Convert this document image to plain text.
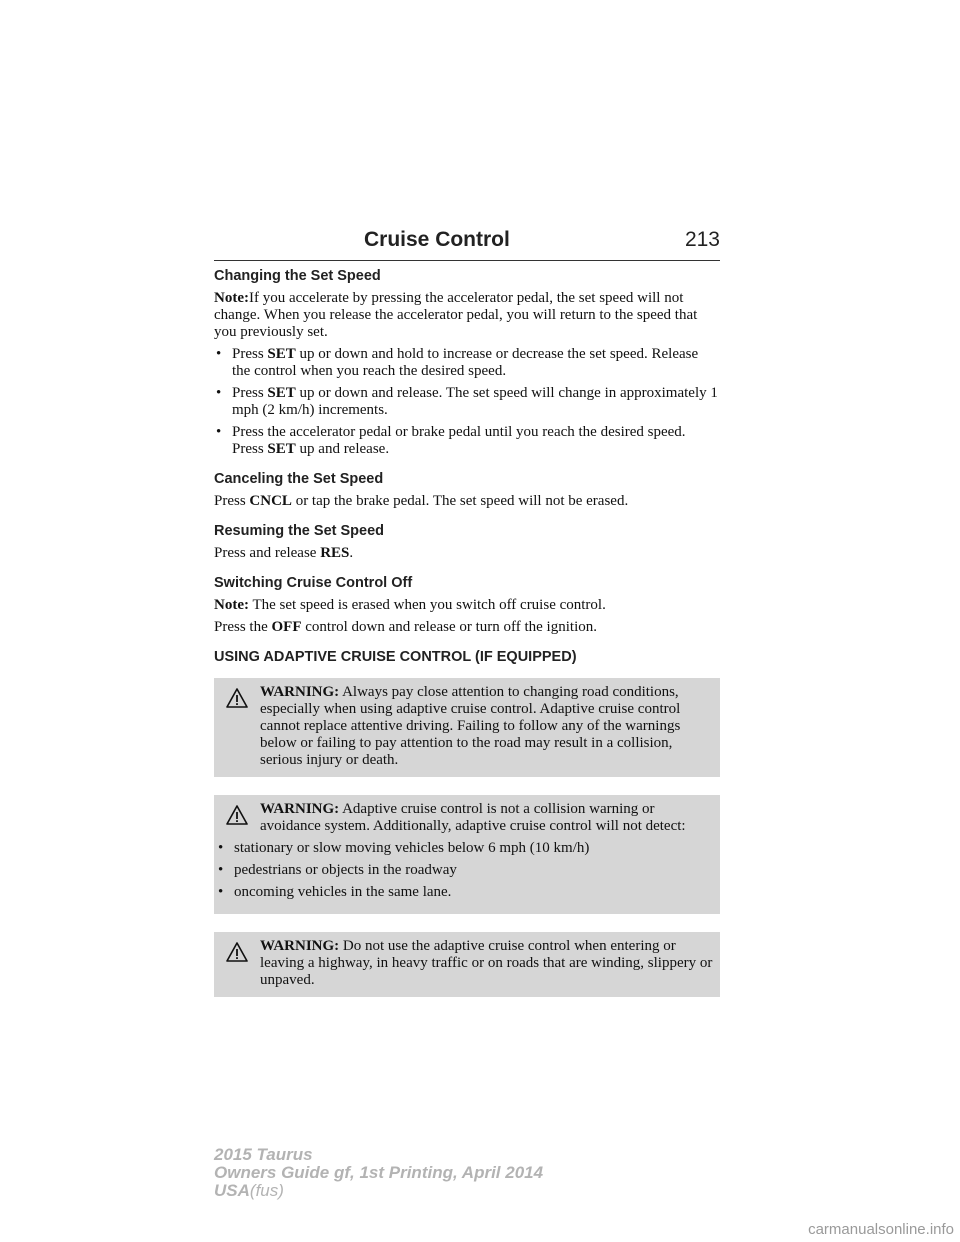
Cruise Control	213
Changing the Set Speed

Note:If you accelerate by pressing the accelerator pedal, the set speed will not change. When you release the accelerator pedal, you will return to the speed that you previously set.

• Press SET up or down and hold to increase or decrease the set speed. Release the control when you reach the desired speed.
• Press SET up or down and release. The set speed will change in approximately 1 mph (2 km/h) increments.
• Press the accelerator pedal or brake pedal until you reach the desired speed. Press SET up and release.
Canceling the Set Speed

Press CNCL or tap the brake pedal. The set speed will not be erased.

Resuming the Set Speed

Press and release RES.

Switching Cruise Control Off

Note: The set speed is erased when you switch off cruise control.

Press the OFF control down and release or turn off the ignition.

USING ADAPTIVE CRUISE CONTROL (IF EQUIPPED)
WARNING: Always pay close attention to changing road conditions, especially when using adaptive cruise control. Adaptive cruise control cannot replace attentive driving. Failing to follow any of the warnings below or failing to pay attention to the road may result in a collision, serious injury or death.
WARNING: Adaptive cruise control is not a collision warning or avoidance system. Additionally, adaptive cruise control will not detect:
• stationary or slow moving vehicles below 6 mph (10 km/h)
• pedestrians or objects in the roadway
• oncoming vehicles in the same lane.
WARNING: Do not use the adaptive cruise control when entering or leaving a highway, in heavy traffic or on roads that are winding, slippery or unpaved.
2015 Taurus
Owners Guide gf, 1st Printing, April 2014
USA(fus)
carmanualsonline.info
